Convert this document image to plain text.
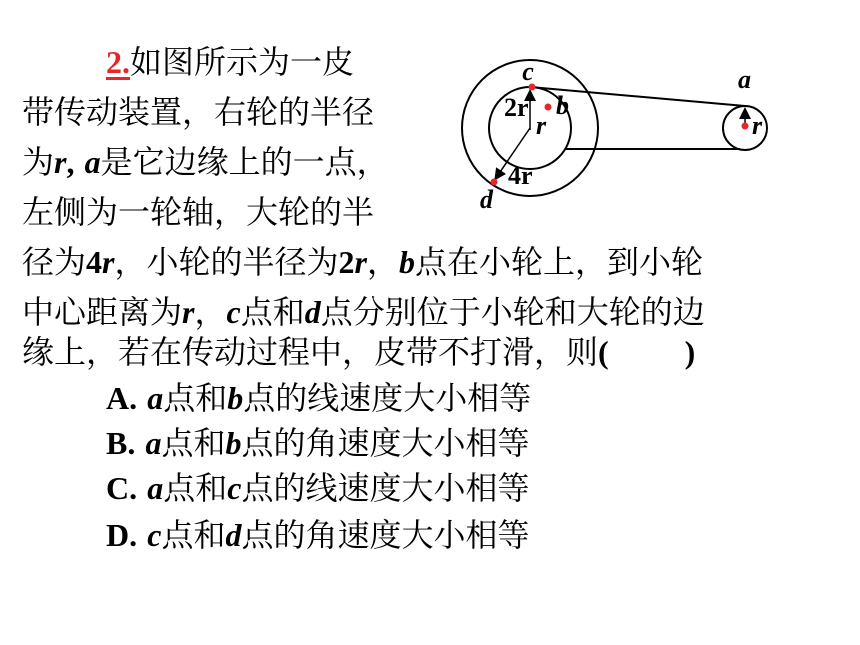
2.如图所示为一皮
带传动装置，右轮的半径
为r, a是它边缘上的一点，
左侧为一轮轴，大轮的半
径为4r，小轮的半径为2r，b点在小轮上，到小轮
中心距离为r，c点和d点分别位于小轮和大轮的边
缘上，若在传动过程中，皮带不打滑，则( )
A. a点和b点的线速度大小相等
B. a点和b点的角速度大小相等
C. a点和c点的线速度大小相等
D. c点和d点的角速度大小相等
c
b
2r
r
4r
d
a
r
